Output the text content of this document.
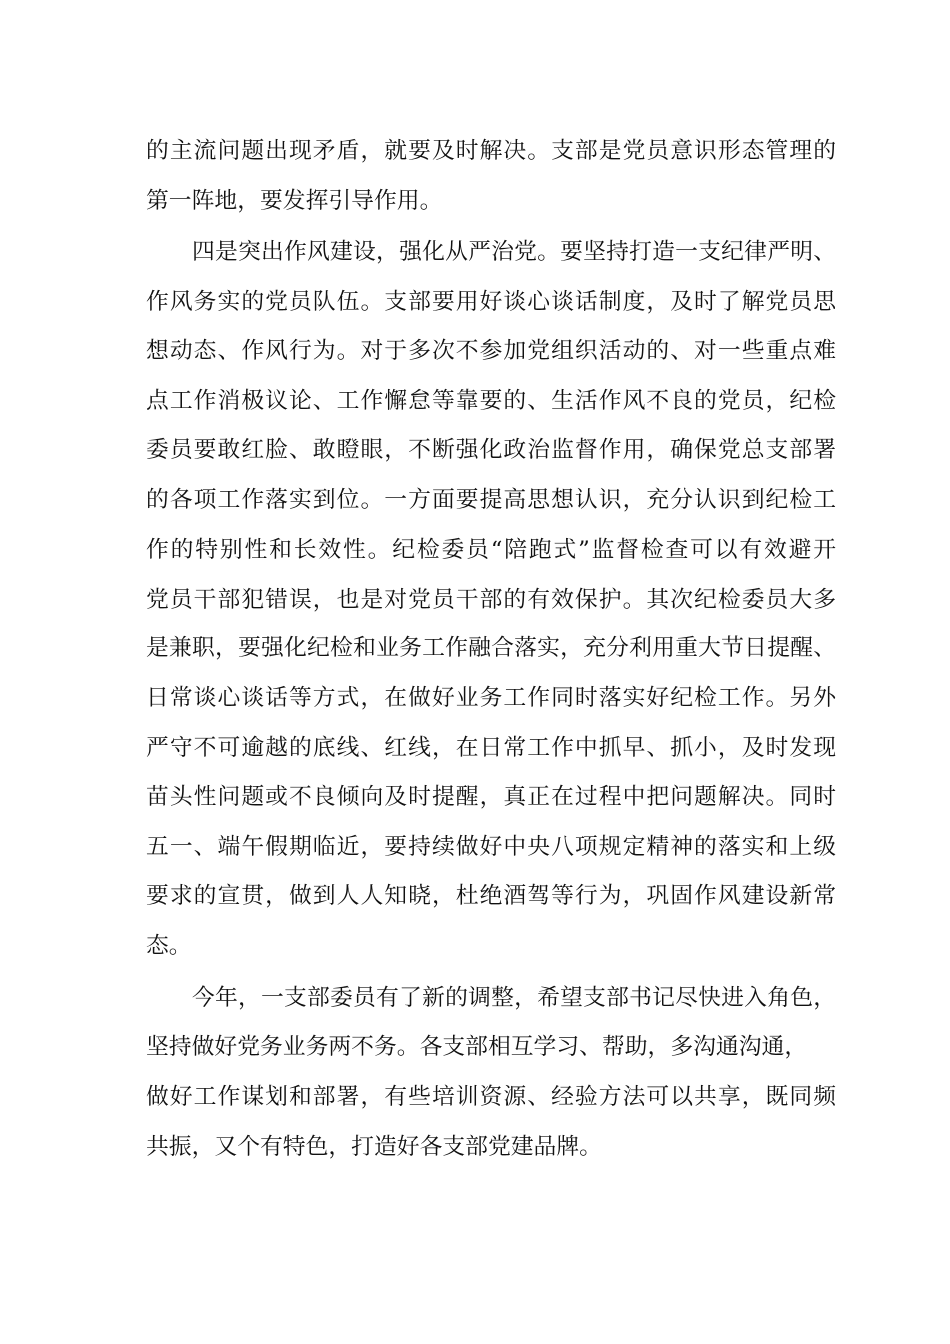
的主流问题出现矛盾，就要及时解决。支部是党员意识形态管理的
第一阵地，要发挥引导作用。
四是突出作风建设，强化从严治党。要坚持打造一支纪律严明、
作风务实的党员队伍。支部要用好谈心谈话制度，及时了解党员思
想动态、作风行为。对于多次不参加党组织活动的、对一些重点难
点工作消极议论、工作懈怠等靠要的、生活作风不良的党员，纪检
委员要敢红脸、敢瞪眼，不断强化政治监督作用，确保党总支部署
的各项工作落实到位。一方面要提高思想认识，充分认识到纪检工
作的特别性和长效性。纪检委员“陪跑式”监督检查可以有效避开
党员干部犯错误，也是对党员干部的有效保护。其次纪检委员大多
是兼职，要强化纪检和业务工作融合落实，充分利用重大节日提醒、
日常谈心谈话等方式，在做好业务工作同时落实好纪检工作。另外
严守不可逾越的底线、红线，在日常工作中抓早、抓小，及时发现
苗头性问题或不良倾向及时提醒，真正在过程中把问题解决。同时
五一、端午假期临近，要持续做好中央八项规定精神的落实和上级
要求的宣贯，做到人人知晓，杜绝酒驾等行为，巩固作风建设新常
态。
今年，一支部委员有了新的调整，希望支部书记尽快进入角色，
坚持做好党务业务两不务。各支部相互学习、帮助，多沟通沟通，
做好工作谋划和部署，有些培训资源、经验方法可以共享，既同频
共振，又个有特色，打造好各支部党建品牌。
